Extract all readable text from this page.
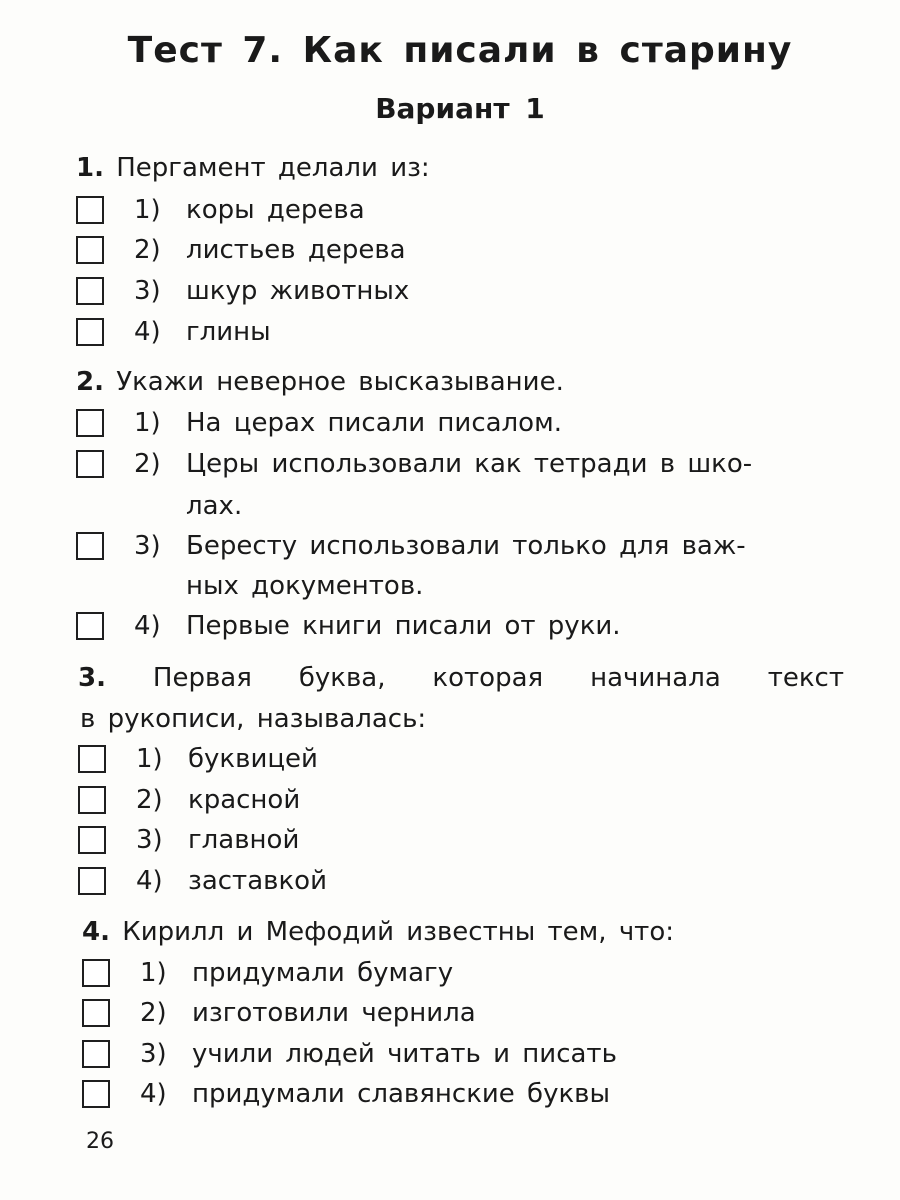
Тест 7. Как писали в старину
Вариант 1
1. Пергамент делали из:
1) коры дерева
2) листьев дерева
3) шкур животных
4) глины
2. Укажи неверное высказывание.
1) На церах писали писалом.
2) Церы использовали как тетради в шко-
лах.
3) Бересту использовали только для важ-
ных документов.
4) Первые книги писали от руки.
3. Первая буква, которая начинала текст
в рукописи, называлась:
1) буквицей
2) красной
3) главной
4) заставкой
4. Кирилл и Мефодий известны тем, что:
1) придумали бумагу
2) изготовили чернила
3) учили людей читать и писать
4) придумали славянские буквы
26
